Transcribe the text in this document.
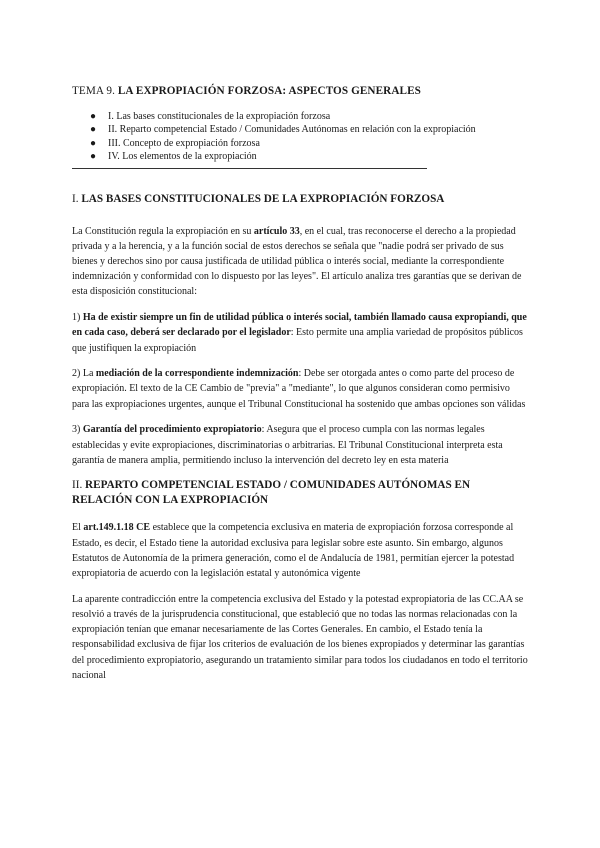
TEMA 9. LA EXPROPIACIÓN FORZOSA: ASPECTOS GENERALES
● I. Las bases constitucionales de la expropiación forzosa
● II. Reparto competencial Estado / Comunidades Autónomas en relación con la expropiación
● III. Concepto de expropiación forzosa
● IV. Los elementos de la expropiación
I. LAS BASES CONSTITUCIONALES DE LA EXPROPIACIÓN FORZOSA

La Constitución regula la expropiación en su artículo 33, en el cual, tras reconocerse el derecho a la propiedad privada y a la herencia, y a la función social de estos derechos se señala que "nadie podrá ser privado de sus bienes y derechos sino por causa justificada de utilidad pública o interés social, mediante la correspondiente indemnización y conformidad con lo dispuesto por las leyes". El artículo analiza tres garantías que se derivan de esta disposición constitucional:

1) Ha de existir siempre un fin de utilidad pública o interés social, también llamado causa expropiandi, que en cada caso, deberá ser declarado por el legislador: Esto permite una amplia variedad de propósitos públicos que justifiquen la expropiación

2) La mediación de la correspondiente indemnización: Debe ser otorgada antes o como parte del proceso de expropiación. El texto de la CE Cambio de "previa" a "mediante", lo que algunos consideran como permisivo para las expropiaciones urgentes, aunque el Tribunal Constitucional ha sostenido que ambas opciones son válidas

3) Garantía del procedimiento expropiatorio: Asegura que el proceso cumpla con las normas legales establecidas y evite expropiaciones, discriminatorias o arbitrarias. El Tribunal Constitucional interpreta esta garantía de manera amplia, permitiendo incluso la intervención del decreto ley en esta materia

II. REPARTO COMPETENCIAL ESTADO / COMUNIDADES AUTÓNOMAS EN RELACIÓN CON LA EXPROPIACIÓN

El art.149.1.18 CE establece que la competencia exclusiva en materia de expropiación forzosa corresponde al Estado, es decir, el Estado tiene la autoridad exclusiva para legislar sobre este asunto. Sin embargo, algunos Estatutos de Autonomía de la primera generación, como el de Andalucía de 1981, permitían ejercer la potestad expropiatoria de acuerdo con la legislación estatal y autonómica vigente

La aparente contradicción entre la competencia exclusiva del Estado y la potestad expropiatoria de las CC.AA se resolvió a través de la jurisprudencia constitucional, que estableció que no todas las normas relacionadas con la expropiación tenían que emanar necesariamente de las Cortes Generales. En cambio, el Estado tenía la responsabilidad exclusiva de fijar los criterios de evaluación de los bienes expropiados y determinar las garantías del procedimiento expropiatorio, asegurando un tratamiento similar para todos los ciudadanos en todo el territorio nacional
